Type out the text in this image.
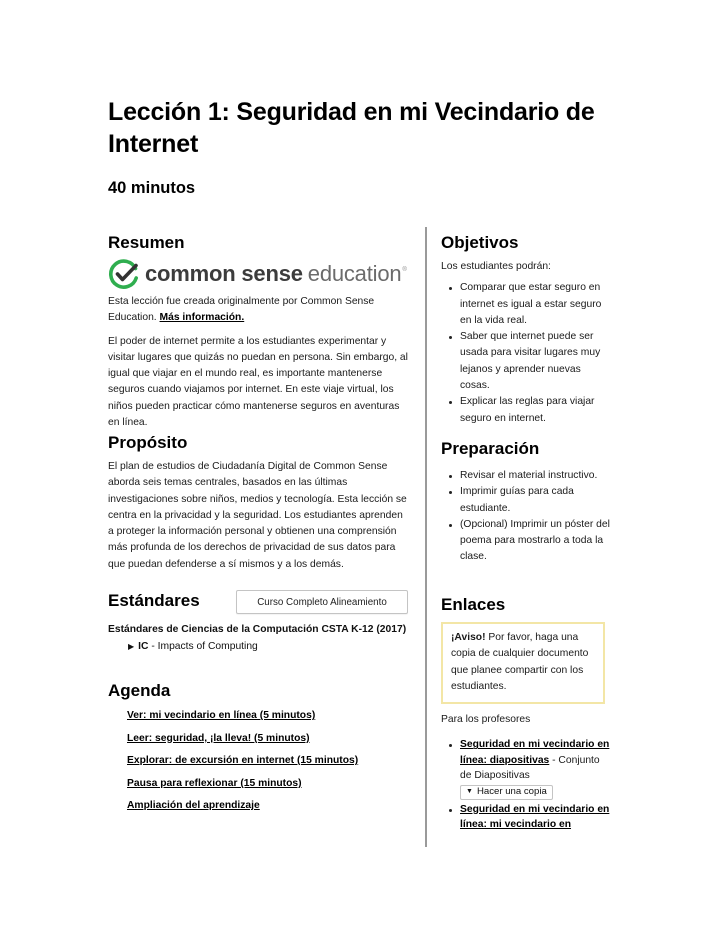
Lección 1: Seguridad en mi Vecindario de Internet
40 minutos
Resumen
common sense education ®

Esta lección fue creada originalmente por Common Sense Education. Más información.

El poder de internet permite a los estudiantes experimentar y visitar lugares que quizás no puedan en persona. Sin embargo, al igual que viajar en el mundo real, es importante mantenerse seguros cuando viajamos por internet. En este viaje virtual, los niños pueden practicar cómo mantenerse seguros en aventuras en línea.

Propósito

El plan de estudios de Ciudadanía Digital de Common Sense aborda seis temas centrales, basados en las últimas investigaciones sobre niños, medios y tecnología. Esta lección se centra en la privacidad y la seguridad. Los estudiantes aprenden a proteger la información personal y obtienen una comprensión más profunda de los derechos de privacidad de sus datos para que puedan defenderse a sí mismos y a los demás.

Estándares	Curso Completo Alineamiento
Estándares de Ciencias de la Computación CSTA K-12 (2017)
▶ IC - Impacts of Computing
Agenda
Ver: mi vecindario en línea (5 minutos)
Leer: seguridad, ¡la lleva! (5 minutos)
Explorar: de excursión en internet (15 minutos)
Pausa para reflexionar (15 minutos)
Ampliación del aprendizaje
Objetivos

Los estudiantes podrán:

Comparar que estar seguro en internet es igual a estar seguro en la vida real.
Saber que internet puede ser usada para visitar lugares muy lejanos y aprender nuevas cosas.
Explicar las reglas para viajar seguro en internet.
Preparación
Revisar el material instructivo.
Imprimir guías para cada estudiante.
(Opcional) Imprimir un póster del poema para mostrarlo a toda la clase.
Enlaces

¡Aviso! Por favor, haga una copia de cualquier documento que planee compartir con los estudiantes.

Para los profesores

Seguridad en mi vecindario en línea: diapositivas - Conjunto de Diapositivas

▼ Hacer una copia
Seguridad en mi vecindario en línea: mi vecindario en
